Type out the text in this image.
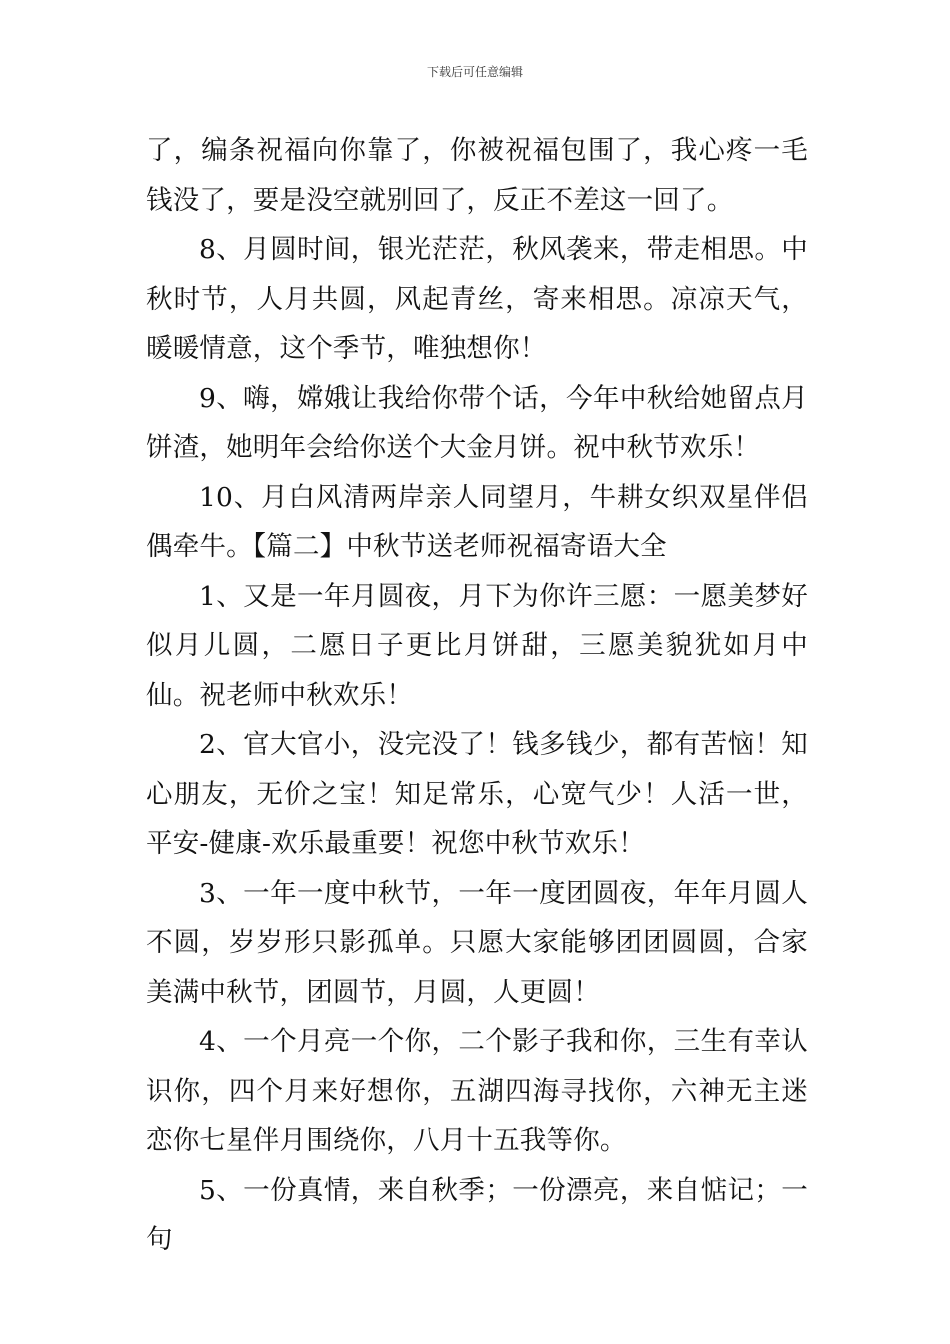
下载后可任意编辑

了，编条祝福向你靠了，你被祝福包围了，我心疼一毛钱没了，要是没空就别回了，反正不差这一回了。

8、月圆时间，银光茫茫，秋风袭来，带走相思。中秋时节，人月共圆，风起青丝，寄来相思。凉凉天气，暖暖情意，这个季节，唯独想你！

9、嗨，嫦娥让我给你带个话，今年中秋给她留点月饼渣，她明年会给你送个大金月饼。祝中秋节欢乐！

10、月白风清两岸亲人同望月，牛耕女织双星伴侣偶牵牛。【篇二】中秋节送老师祝福寄语大全

1、又是一年月圆夜，月下为你许三愿：一愿美梦好似月儿圆，二愿日子更比月饼甜，三愿美貌犹如月中仙。祝老师中秋欢乐！

2、官大官小，没完没了！钱多钱少，都有苦恼！知心朋友，无价之宝！知足常乐，心宽气少！人活一世，平安-健康-欢乐最重要！祝您中秋节欢乐！

3、一年一度中秋节，一年一度团圆夜，年年月圆人不圆，岁岁形只影孤单。只愿大家能够团团圆圆，合家美满中秋节，团圆节，月圆，人更圆！

4、一个月亮一个你，二个影子我和你，三生有幸认识你，四个月来好想你，五湖四海寻找你，六神无主迷恋你七星伴月围绕你，八月十五我等你。

5、一份真情，来自秋季；一份漂亮，来自惦记；一句
